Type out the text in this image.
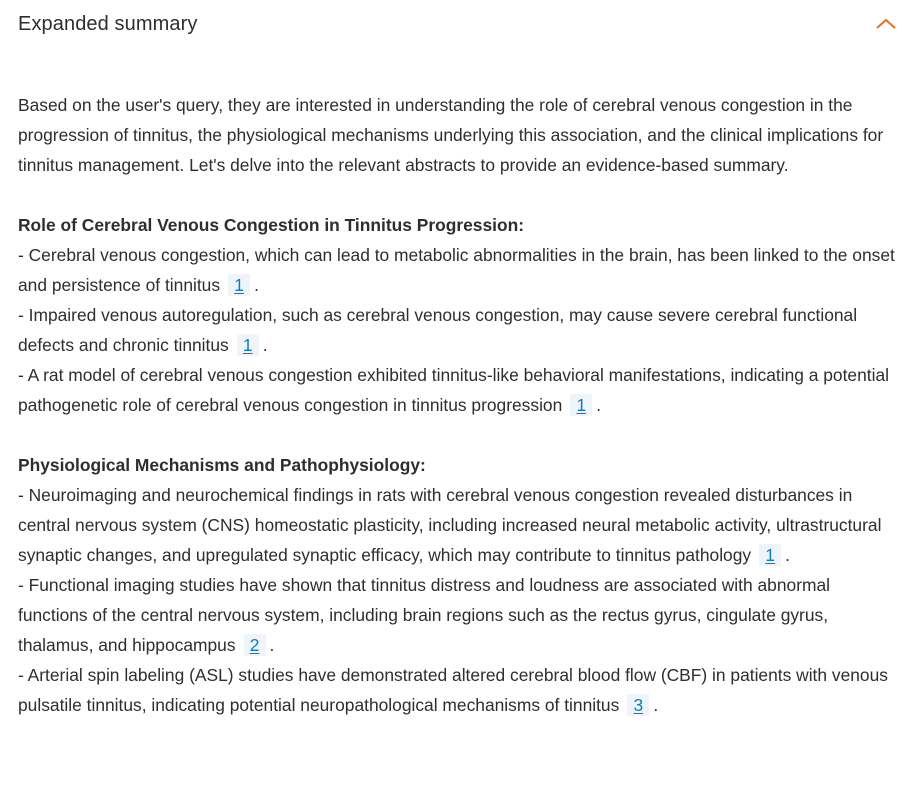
Expanded summary

Based on the user's query, they are interested in understanding the role of cerebral venous congestion in the progression of tinnitus, the physiological mechanisms underlying this association, and the clinical implications for tinnitus management. Let's delve into the relevant abstracts to provide an evidence-based summary.

Role of Cerebral Venous Congestion in Tinnitus Progression:

- Cerebral venous congestion, which can lead to metabolic abnormalities in the brain, has been linked to the onset and persistence of tinnitus 1 .

- Impaired venous autoregulation, such as cerebral venous congestion, may cause severe cerebral functional defects and chronic tinnitus 1 .

- A rat model of cerebral venous congestion exhibited tinnitus-like behavioral manifestations, indicating a potential pathogenetic role of cerebral venous congestion in tinnitus progression 1 .

Physiological Mechanisms and Pathophysiology:

- Neuroimaging and neurochemical findings in rats with cerebral venous congestion revealed disturbances in central nervous system (CNS) homeostatic plasticity, including increased neural metabolic activity, ultrastructural synaptic changes, and upregulated synaptic efficacy, which may contribute to tinnitus pathology 1 .

- Functional imaging studies have shown that tinnitus distress and loudness are associated with abnormal functions of the central nervous system, including brain regions such as the rectus gyrus, cingulate gyrus, thalamus, and hippocampus 2 .

- Arterial spin labeling (ASL) studies have demonstrated altered cerebral blood flow (CBF) in patients with venous pulsatile tinnitus, indicating potential neuropathological mechanisms of tinnitus 3 .
